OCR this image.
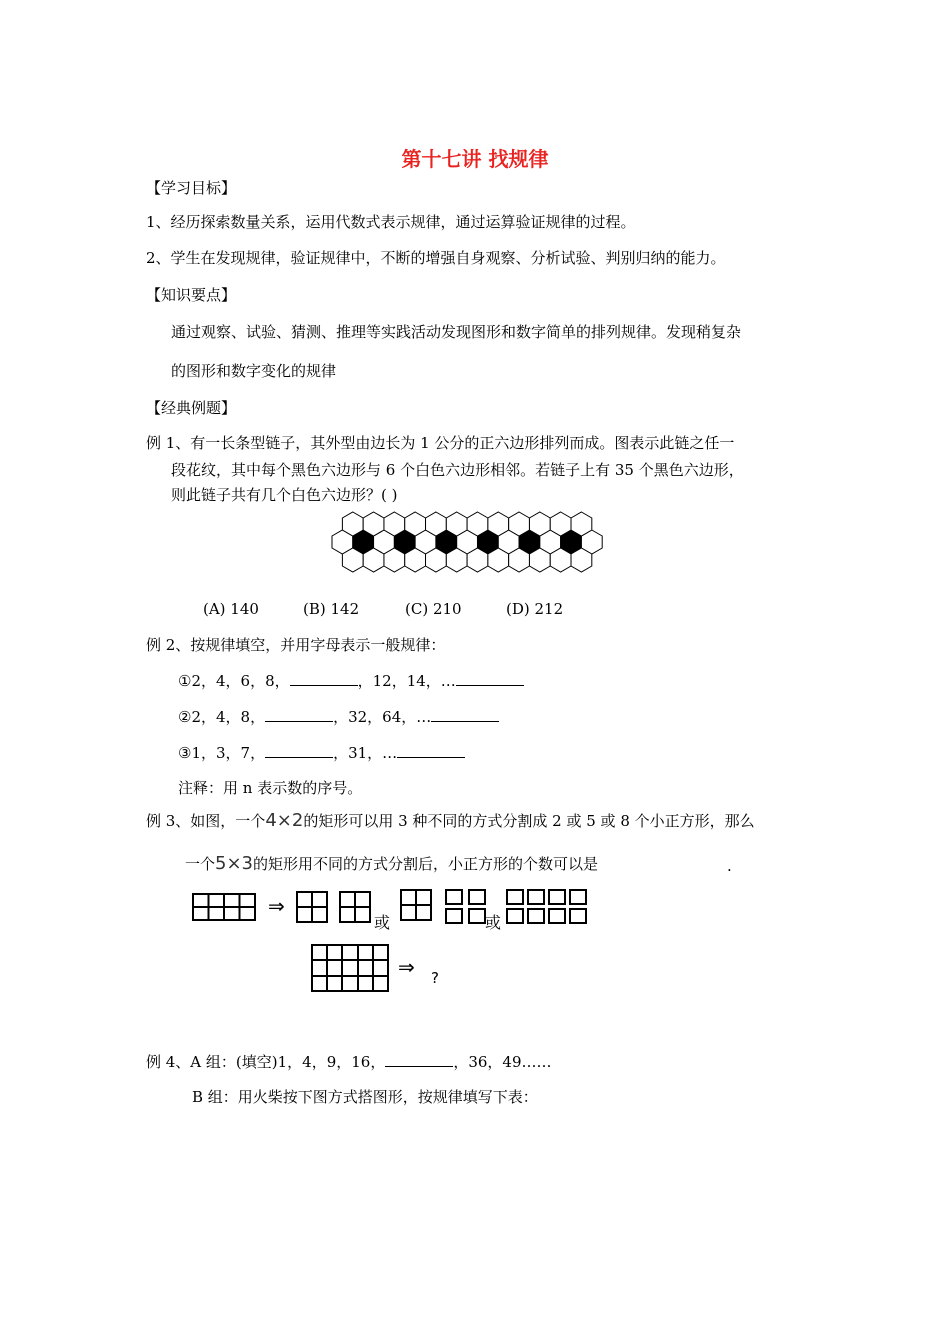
第十七讲 找规律
【学习目标】
1、经历探索数量关系，运用代数式表示规律，通过运算验证规律的过程。
2、学生在发现规律，验证规律中，不断的增强自身观察、分析试验、判别归纳的能力。
【知识要点】
通过观察、试验、猜测、推理等实践活动发现图形和数字简单的排列规律。发现稍复杂
的图形和数字变化的规律
【经典例题】
例 1、有一长条型链子，其外型由边长为 1 公分的正六边形排列而成。图表示此链之任一
段花纹，其中每个黑色六边形与 6 个白色六边形相邻。若链子上有 35 个黑色六边形，
则此链子共有几个白色六边形？( )
(A) 140	(B) 142	(C) 210	(D) 212
例 2、按规律填空，并用字母表示一般规律：
①2，4，6，8，	，12，14，…
②2，4，8，	，32，64，…
③1，3，7，	，31，…
注释：用 n 表示数的序号。
例 3、如图，一个4×2的矩形可以用 3 种不同的方式分割成 2 或 5 或 8 个小正方形，那么
一个5×3的矩形用不同的方式分割后，小正方形的个数可以是	.
⇒
或	或
⇒ ?
例 4、A 组：(填空)1，4，9，16，	，36，49……
B 组：用火柴按下图方式搭图形，按规律填写下表：
